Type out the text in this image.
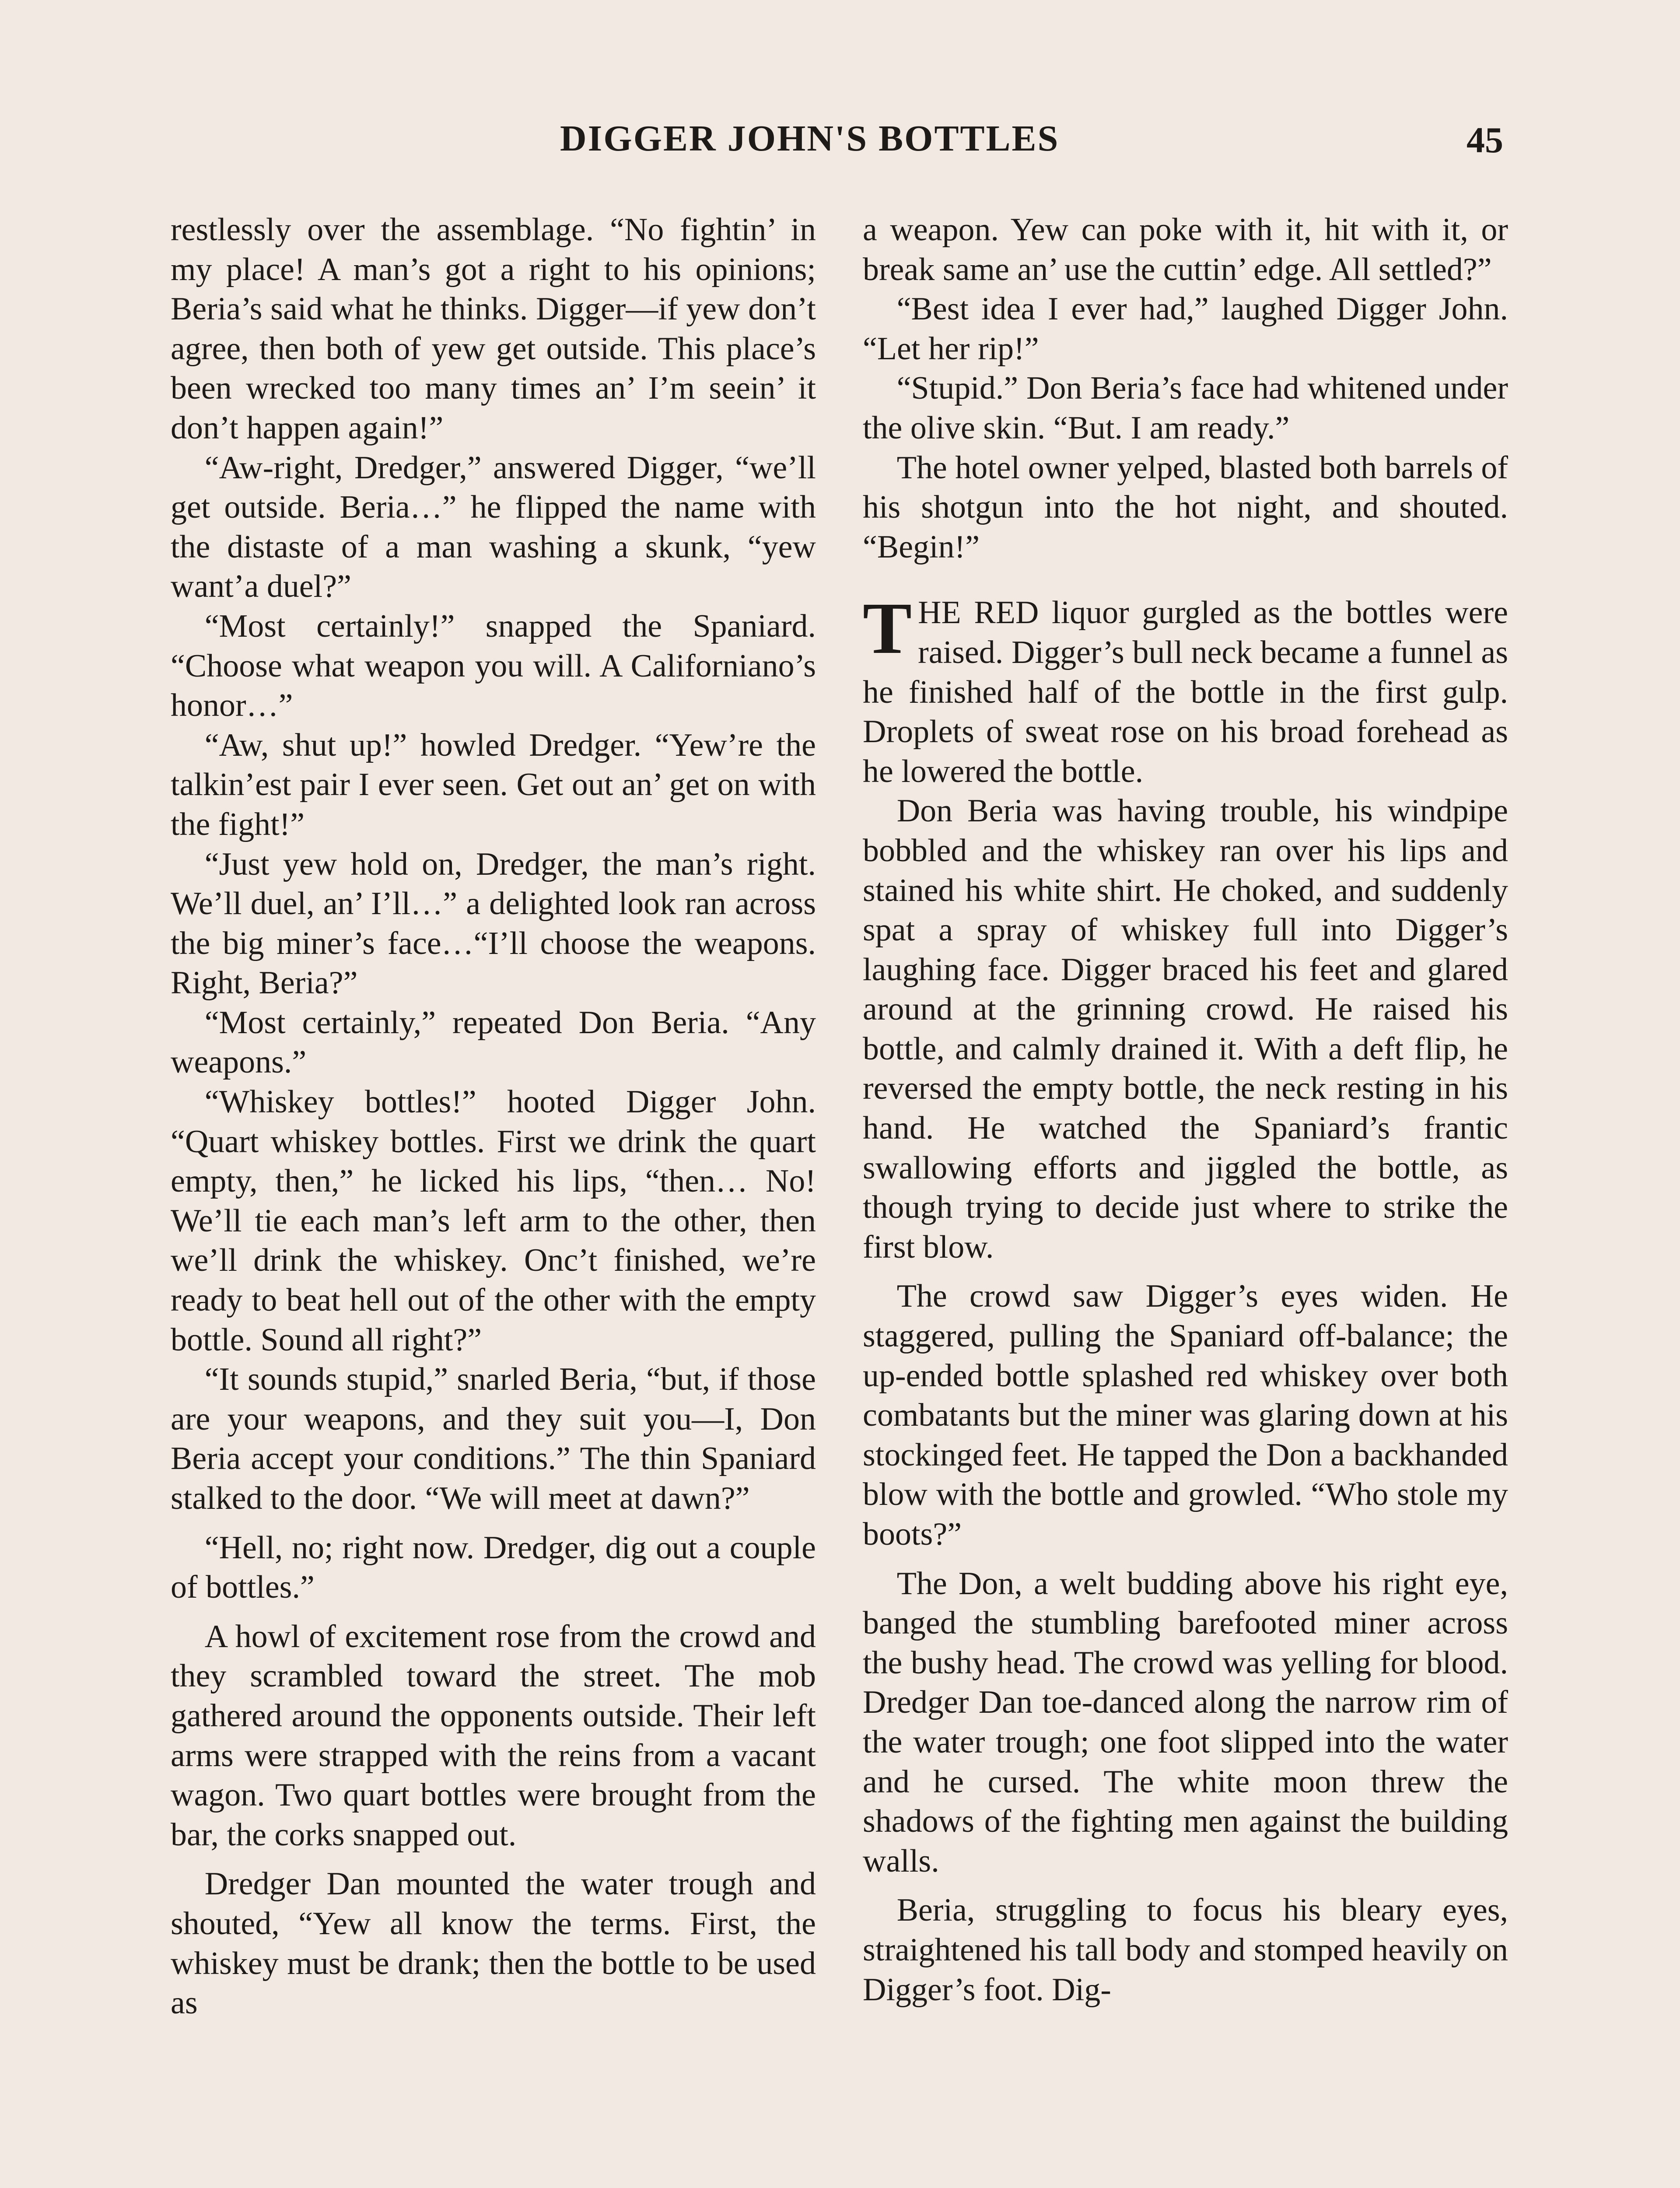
DIGGER JOHN'S BOTTLES	45

restlessly over the assemblage. “No fightin’ in my place! A man’s got a right to his opinions; Beria’s said what he thinks. Digger—if yew don’t agree, then both of yew get outside. This place’s been wrecked too many times an’ I’m seein’ it don’t happen again!”

“Aw-right, Dredger,” answered Digger, “we’ll get outside. Beria…” he flipped the name with the distaste of a man washing a skunk, “yew want’a duel?”

“Most certainly!” snapped the Spaniard. “Choose what weapon you will. A Californiano’s honor…”

“Aw, shut up!” howled Dredger. “Yew’re the talkin’est pair I ever seen. Get out an’ get on with the fight!”

“Just yew hold on, Dredger, the man’s right. We’ll duel, an’ I’ll…” a delighted look ran across the big miner’s face…“I’ll choose the weapons. Right, Beria?”

“Most certainly,” repeated Don Beria. “Any weapons.”

“Whiskey bottles!” hooted Digger John. “Quart whiskey bottles. First we drink the quart empty, then,” he licked his lips, “then… No! We’ll tie each man’s left arm to the other, then we’ll drink the whiskey. Onc’t finished, we’re ready to beat hell out of the other with the empty bottle. Sound all right?”

“It sounds stupid,” snarled Beria, “but, if those are your weapons, and they suit you—I, Don Beria accept your conditions.” The thin Spaniard stalked to the door. “We will meet at dawn?”

“Hell, no; right now. Dredger, dig out a couple of bottles.”

A howl of excitement rose from the crowd and they scrambled toward the street. The mob gathered around the opponents outside. Their left arms were strapped with the reins from a vacant wagon. Two quart bottles were brought from the bar, the corks snapped out.

Dredger Dan mounted the water trough and shouted, “Yew all know the terms. First, the whiskey must be drank; then the bottle to be used as

a weapon. Yew can poke with it, hit with it, or break same an’ use the cuttin’ edge. All settled?”

“Best idea I ever had,” laughed Digger John. “Let her rip!”

“Stupid.” Don Beria’s face had whitened under the olive skin. “But. I am ready.”

The hotel owner yelped, blasted both barrels of his shotgun into the hot night, and shouted. “Begin!”

THE RED liquor gurgled as the bottles were raised. Digger’s bull neck became a funnel as he finished half of the bottle in the first gulp. Droplets of sweat rose on his broad forehead as he lowered the bottle.

Don Beria was having trouble, his windpipe bobbled and the whiskey ran over his lips and stained his white shirt. He choked, and suddenly spat a spray of whiskey full into Digger’s laughing face. Digger braced his feet and glared around at the grinning crowd. He raised his bottle, and calmly drained it. With a deft flip, he reversed the empty bottle, the neck resting in his hand. He watched the Spaniard’s frantic swallowing efforts and jiggled the bottle, as though trying to decide just where to strike the first blow.

The crowd saw Digger’s eyes widen. He staggered, pulling the Spaniard off-balance; the up-ended bottle splashed red whiskey over both combatants but the miner was glaring down at his stockinged feet. He tapped the Don a backhanded blow with the bottle and growled. “Who stole my boots?”

The Don, a welt budding above his right eye, banged the stumbling barefooted miner across the bushy head. The crowd was yelling for blood. Dredger Dan toe-danced along the narrow rim of the water trough; one foot slipped into the water and he cursed. The white moon threw the shadows of the fighting men against the building walls.

Beria, struggling to focus his bleary eyes, straightened his tall body and stomped heavily on Digger’s foot. Dig-
